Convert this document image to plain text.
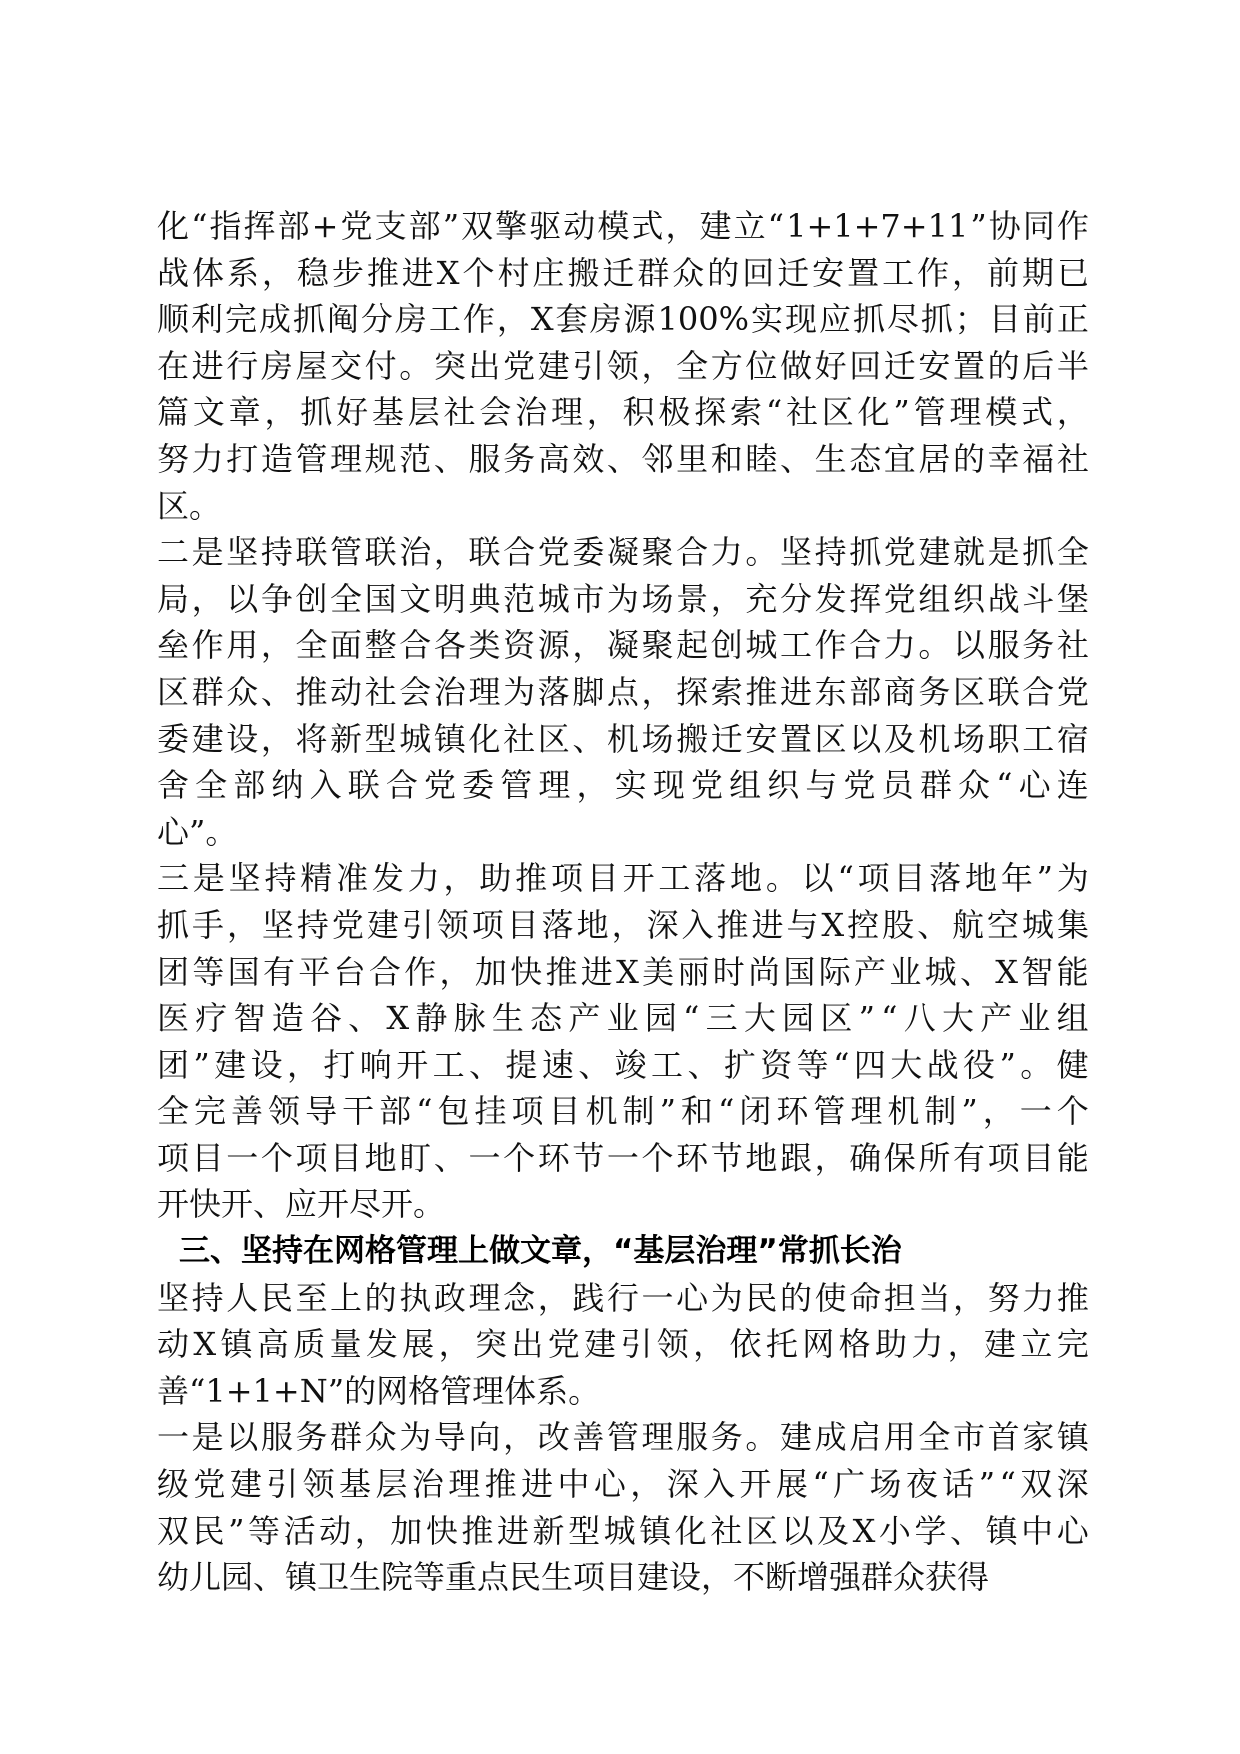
化 “ 指 挥 部 + 党 支 部 ” 双 擎 驱 动 模 式 ， 建 立 “ 1+1+7+11 ” 协 同 作
战 体 系 ， 稳 步 推 进 X 个 村 庄 搬 迁 群 众 的 回 迁 安 置 工 作 ， 前 期 已
顺 利 完 成 抓 阄 分 房 工 作 ， X 套 房 源 100% 实 现 应 抓 尽 抓 ； 目 前 正
在 进 行 房 屋 交 付 。 突 出 党 建 引 领 ， 全 方 位 做 好 回 迁 安 置 的 后 半
篇 文 章 ， 抓 好 基 层 社 会 治 理 ， 积 极 探 索 “ 社 区 化 ” 管 理 模 式 ，
努 力 打 造 管 理 规 范 、 服 务 高 效 、 邻 里 和 睦 、 生 态 宜 居 的 幸 福 社
区。
二 是 坚 持 联 管 联 治 ， 联 合 党 委 凝 聚 合 力 。 坚 持 抓 党 建 就 是 抓 全
局 ， 以 争 创 全 国 文 明 典 范 城 市 为 场 景 ， 充 分 发 挥 党 组 织 战 斗 堡
垒 作 用 ， 全 面 整 合 各 类 资 源 ， 凝 聚 起 创 城 工 作 合 力 。 以 服 务 社
区 群 众 、 推 动 社 会 治 理 为 落 脚 点 ， 探 索 推 进 东 部 商 务 区 联 合 党
委 建 设 ， 将 新 型 城 镇 化 社 区 、 机 场 搬 迁 安 置 区 以 及 机 场 职 工 宿
舍 全 部 纳 入 联 合 党 委 管 理 ， 实 现 党 组 织 与 党 员 群 众 “ 心 连
心”。
三 是 坚 持 精 准 发 力 ， 助 推 项 目 开 工 落 地 。 以 “ 项 目 落 地 年 ” 为
抓 手 ， 坚 持 党 建 引 领 项 目 落 地 ， 深 入 推 进 与 X 控 股 、 航 空 城 集
团 等 国 有 平 台 合 作 ， 加 快 推 进 X 美 丽 时 尚 国 际 产 业 城 、 X 智 能
医 疗 智 造 谷 、 X 静 脉 生 态 产 业 园 “ 三 大 园 区 ” “ 八 大 产 业 组
团 ” 建 设 ， 打 响 开 工 、 提 速 、 竣 工 、 扩 资 等 “ 四 大 战 役 ” 。 健
全 完 善 领 导 干 部 “ 包 挂 项 目 机 制 ” 和 “ 闭 环 管 理 机 制 ” ， 一 个
项 目 一 个 项 目 地 盯 、 一 个 环 节 一 个 环 节 地 跟 ， 确 保 所 有 项 目 能
开快开、应开尽开。
三、坚持在网格管理上做文章，“基层治理”常抓长治
坚 持 人 民 至 上 的 执 政 理 念 ， 践 行 一 心 为 民 的 使 命 担 当 ， 努 力 推
动 X 镇 高 质 量 发 展 ， 突 出 党 建 引 领 ， 依 托 网 格 助 力 ， 建 立 完
善“1+1+N”的网格管理体系。
一 是 以 服 务 群 众 为 导 向 ， 改 善 管 理 服 务 。 建 成 启 用 全 市 首 家 镇
级 党 建 引 领 基 层 治 理 推 进 中 心 ， 深 入 开 展 “ 广 场 夜 话 ” “ 双 深
双 民 ” 等 活 动 ， 加 快 推 进 新 型 城 镇 化 社 区 以 及 X 小 学 、 镇 中 心
幼儿园、镇卫生院等重点民生项目建设，不断增强群众获得
